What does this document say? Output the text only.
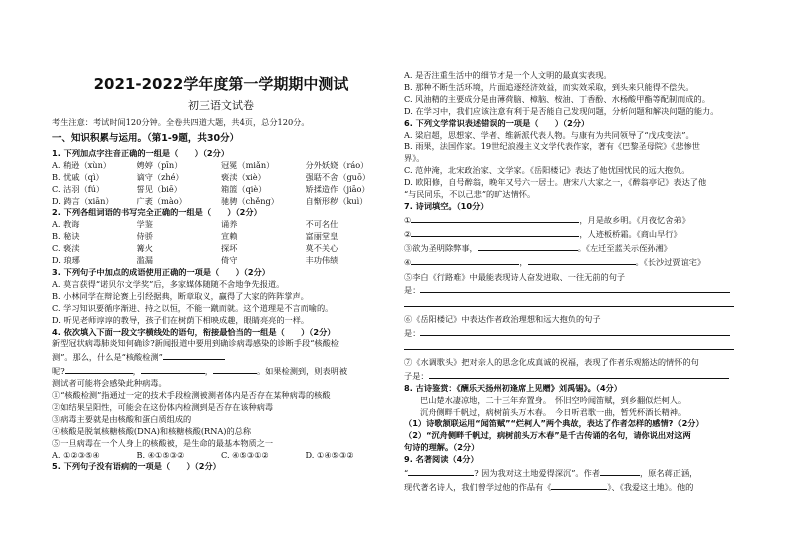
2021-2022学年度第一学期期中测试
初三语文试卷
考生注意：考试时间120分钟。全卷共四道大题，共4页，总分120分。
一、知识积累与运用。（第1-9题，共30分）
1. 下列加点字注音正确的一组是（　　）（2分）
A. 稍逊（xùn）	娉婷（pīn）	冠冕（miǎn）	分外妖娆（ráo）
B. 忧戚（qì）	谪守（zhé）	亵渎（xiè）	强聒不舍（guō）
C. 沽羽（fú）	誓见（biē）	箱篮（qiè）	矫揉造作（jiāo）
D. 踌言（xiān）	广袤（mào）	驰骋（chěng）	自惭形秽（kuì）
2. 下列各组词语的书写完全正确的一组是（　　）（2分）
A. 教诲	学鉴	诵养	不可名仕
B. 秘诀	侍骄	宣赖	富丽堂皇
C. 亵渎	篝火	探坏	莫不关心
D. 琅琊	滥漏	倚守	丰功伟绩
3. 下列句子中加点的成语使用正确的一项是（　　）（2分）
A. 莫言获得“诺贝尔文学奖”后，多家媒体随随不舍地争先报道。
B. 小林同学在辩论赛上引经据典，断章取义，赢得了大家的阵阵掌声。
C. 学习知识要循序渐进、持之以恒，不能一蹴而就。这个道理是不言而喻的。
D. 听见老师谆谆的教导，孩子们在树荫下相映成趣，眼睛亮亮的一样。
4. 依次填入下面一段文字横线处的语句，衔接最恰当的一组是（　　）（2分）
新型冠状病毒肺炎知何确诊?新闻报道中要用到确诊病毒感染的诊断手段“核酸检
测”。那么，什么是“核酸检测”
呢?	，	，	。如果检测到，则表明被
测试者可能将会感染此种病毒。
①“核酸检测”指通过一定的技术手段检测被测者体内是否存在某种病毒的核酸
②如结果呈阳性，可能会在这份体内检测到是否存在该种病毒
③病毒主要就是由核酸和蛋白质组成的
④核酸是脱氧核糖核酸(DNA)和核糖核酸(RNA)的总称
⑤一旦病毒在一个人身上的核酸被，是生命的最基本物质之一
A. ①②③⑤④	B. ④①⑤③②	C. ④⑤③①②	D. ①④⑤③②
5. 下列句子没有语病的一项是（　　）（2分）
A. 是否注重生活中的细节才是一个人文明的最真实表现。
B. 那种不断生活环境，片面追逐经济效益，而实效采取，到头来只能得不偿失。
C. 风油精的主要成分是由薄荷脑、樟脑、桉油、丁香酚、水杨酸甲酯等配制而成的。
D. 在学习中，我们应该注意有利于是否能自己发现问题，分析问题和解决问题的能力。
6. 下列文学常识表述错误的一项是（　　）（2分）
A. 梁启超，思想家、学者、维新派代表人物。与康有为共同领导了“戊戌变法”。
B. 雨果，法国作家。19世纪浪漫主义文学代表作家，著有《巴黎圣母院》《悲惨世
界》。
C. 范仲淹，北宋政治家、文学家。《岳阳楼记》表达了他忧国忧民的远大抱负。
D. 欧阳修，自号醉翁，晚年又号六一居士。唐宋八大家之一，《醉翁亭记》表达了他
“与民同乐，不以己悲”的旷达情怀。
7. 诗词填空。（10分）
①	，月是故乡明。《月夜忆舍弟》
②	，人迹板桥霜。《商山早行》
③欲为圣明除弊事，	。《左迁至蓝关示侄孙湘》
④	，	。《长沙过贾谊宅》
⑤李白《行路难》中最能表现诗人奋发进取、一往无前的句子
是：
⑥《岳阳楼记》中表达作者政治理想和远大抱负的句子
是：
⑦《水调歌头》把对亲人的思念化成真诚的祝福，表现了作者乐观豁达的情怀的句
子是：
8. 古诗鉴赏：《酬乐天扬州初逢席上见赠》刘禹锡》。（4分）
巴山楚水凄凉地，二十三年弃置身。　怀旧空吟闻笛赋，到乡翻似烂柯人。
沉舟侧畔千帆过，病树前头万木春。　今日听君歌一曲，暂凭杯酒长精神。
（1）诗歌颔联运用“闻笛赋”“烂柯人”两个典故，表达了作者怎样的感情?（2分）
（2）“沉舟侧畔千帆过，病树前头万木春”是千古传诵的名句，请你说出对这两
句诗的理解。（2分）
9. 名著阅读（4分）
“	? 因为我对这土地爱得深沉”。作者	，原名蒋正涵，
现代著名诗人，我们曾学过他的作品有《	》、《我爱这土地》。他的
